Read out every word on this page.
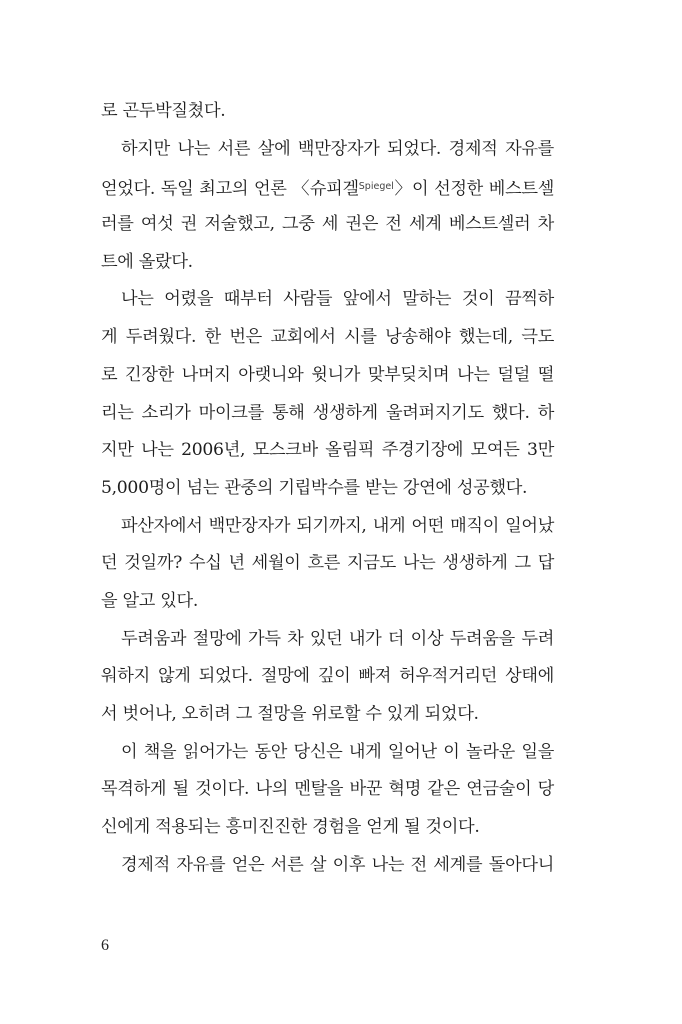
로 곤두박질쳤다.
하지만 나는 서른 살에 백만장자가 되었다. 경제적 자유를
얻었다. 독일 최고의 언론 〈슈피겔$^{Spiegel}$〉이 선정한 베스트셀
러를 여섯 권 저술했고, 그중 세 권은 전 세계 베스트셀러 차
트에 올랐다.
나는 어렸을 때부터 사람들 앞에서 말하는 것이 끔찍하
게 두려웠다. 한 번은 교회에서 시를 낭송해야 했는데, 극도
로 긴장한 나머지 아랫니와 윗니가 맞부딪치며 나는 덜덜 떨
리는 소리가 마이크를 통해 생생하게 울려퍼지기도 했다. 하
지만 나는 2006년, 모스크바 올림픽 주경기장에 모여든 3만
5,000명이 넘는 관중의 기립박수를 받는 강연에 성공했다.
파산자에서 백만장자가 되기까지, 내게 어떤 매직이 일어났
던 것일까? 수십 년 세월이 흐른 지금도 나는 생생하게 그 답
을 알고 있다.
두려움과 절망에 가득 차 있던 내가 더 이상 두려움을 두려
워하지 않게 되었다. 절망에 깊이 빠져 허우적거리던 상태에
서 벗어나, 오히려 그 절망을 위로할 수 있게 되었다.
이 책을 읽어가는 동안 당신은 내게 일어난 이 놀라운 일을
목격하게 될 것이다. 나의 멘탈을 바꾼 혁명 같은 연금술이 당
신에게 적용되는 흥미진진한 경험을 얻게 될 것이다.
경제적 자유를 얻은 서른 살 이후 나는 전 세계를 돌아다니
6
